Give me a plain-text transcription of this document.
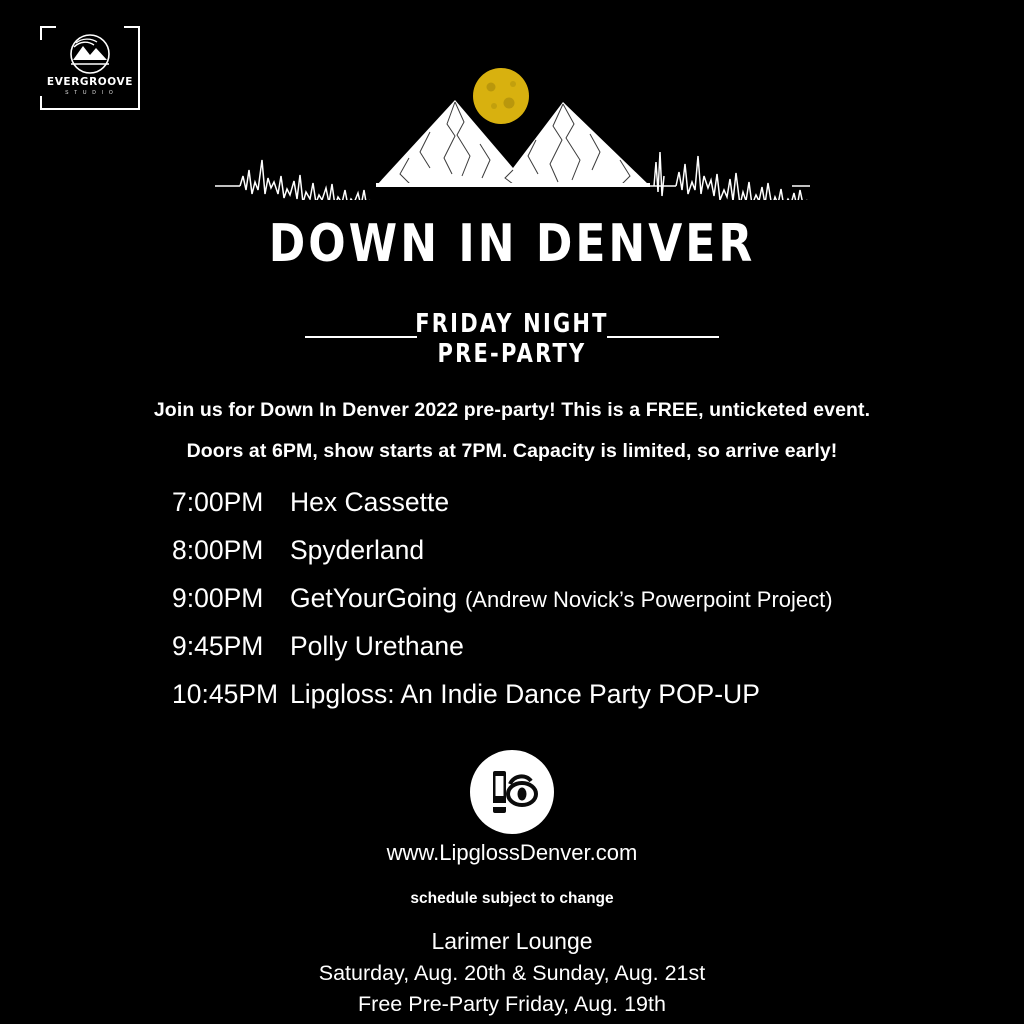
EVERGROOVE
S T U D I O
DOWN IN DENVER
FRIDAY NIGHT
PRE-PARTY
Join us for Down In Denver 2022 pre-party! This is a FREE, unticketed event.
Doors at 6PM, show starts at 7PM. Capacity is limited, so arrive early!
7:00PM	Hex Cassette
8:00PM	Spyderland
9:00PM	GetYourGoing (Andrew Novick’s Powerpoint Project)
9:45PM	Polly Urethane
10:45PM Lipgloss: An Indie Dance Party POP-UP
www.LipglossDenver.com
schedule subject to change
Larimer Lounge
Saturday, Aug. 20th & Sunday, Aug. 21st
Free Pre-Party Friday, Aug. 19th
